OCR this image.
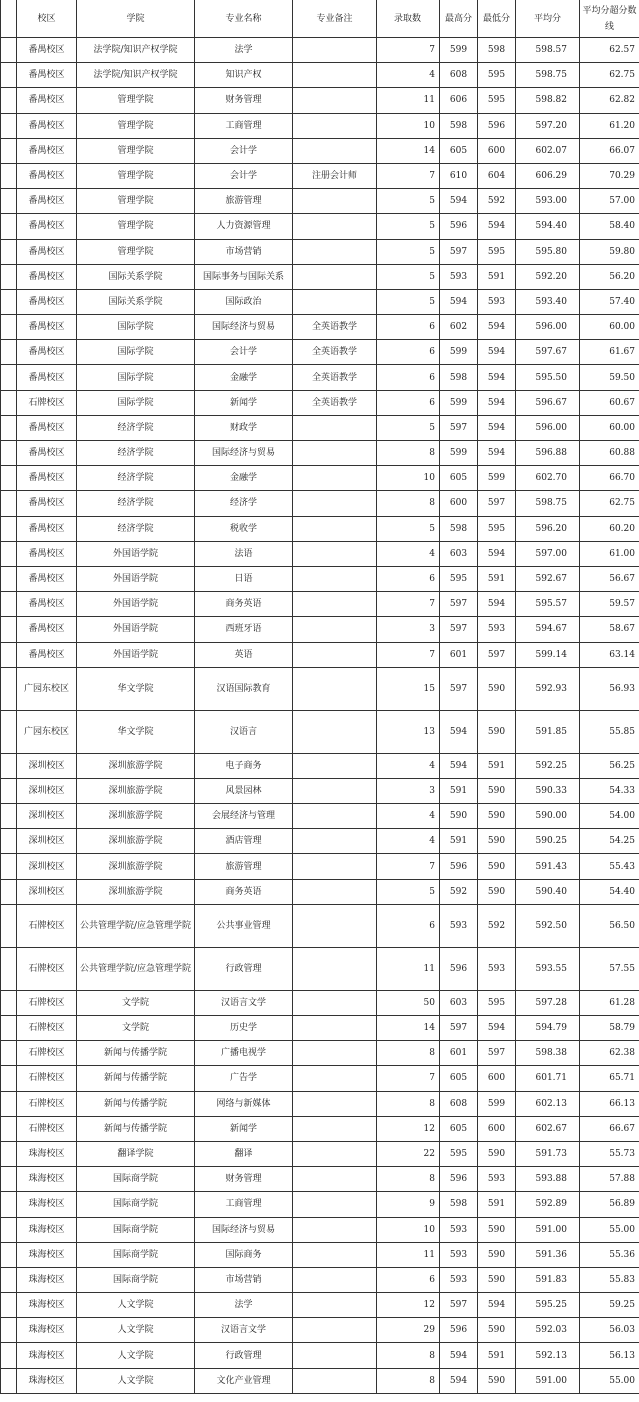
	校区	学院	专业名称	专业备注	录取数	最高分	最低分	平均分	平均分超分数线
	番禺校区	法学院/知识产权学院	法学		7	599	598	598.57	62.57
	番禺校区	法学院/知识产权学院	知识产权		4	608	595	598.75	62.75
	番禺校区	管理学院	财务管理		11	606	595	598.82	62.82
	番禺校区	管理学院	工商管理		10	598	596	597.20	61.20
	番禺校区	管理学院	会计学		14	605	600	602.07	66.07
	番禺校区	管理学院	会计学	注册会计师	7	610	604	606.29	70.29
	番禺校区	管理学院	旅游管理		5	594	592	593.00	57.00
	番禺校区	管理学院	人力资源管理		5	596	594	594.40	58.40
	番禺校区	管理学院	市场营销		5	597	595	595.80	59.80
	番禺校区	国际关系学院	国际事务与国际关系		5	593	591	592.20	56.20
	番禺校区	国际关系学院	国际政治		5	594	593	593.40	57.40
	番禺校区	国际学院	国际经济与贸易	全英语教学	6	602	594	596.00	60.00
	番禺校区	国际学院	会计学	全英语教学	6	599	594	597.67	61.67
	番禺校区	国际学院	金融学	全英语教学	6	598	594	595.50	59.50
	石牌校区	国际学院	新闻学	全英语教学	6	599	594	596.67	60.67
	番禺校区	经济学院	财政学		5	597	594	596.00	60.00
	番禺校区	经济学院	国际经济与贸易		8	599	594	596.88	60.88
	番禺校区	经济学院	金融学		10	605	599	602.70	66.70
	番禺校区	经济学院	经济学		8	600	597	598.75	62.75
	番禺校区	经济学院	税收学		5	598	595	596.20	60.20
	番禺校区	外国语学院	法语		4	603	594	597.00	61.00
	番禺校区	外国语学院	日语		6	595	591	592.67	56.67
	番禺校区	外国语学院	商务英语		7	597	594	595.57	59.57
	番禺校区	外国语学院	西班牙语		3	597	593	594.67	58.67
	番禺校区	外国语学院	英语		7	601	597	599.14	63.14
	广园东校区	华文学院	汉语国际教育		15	597	590	592.93	56.93
	广园东校区	华文学院	汉语言		13	594	590	591.85	55.85
	深圳校区	深圳旅游学院	电子商务		4	594	591	592.25	56.25
	深圳校区	深圳旅游学院	风景园林		3	591	590	590.33	54.33
	深圳校区	深圳旅游学院	会展经济与管理		4	590	590	590.00	54.00
	深圳校区	深圳旅游学院	酒店管理		4	591	590	590.25	54.25
	深圳校区	深圳旅游学院	旅游管理		7	596	590	591.43	55.43
	深圳校区	深圳旅游学院	商务英语		5	592	590	590.40	54.40
	石牌校区	公共管理学院/应急管理学院	公共事业管理		6	593	592	592.50	56.50
	石牌校区	公共管理学院/应急管理学院	行政管理		11	596	593	593.55	57.55
	石牌校区	文学院	汉语言文学		50	603	595	597.28	61.28
	石牌校区	文学院	历史学		14	597	594	594.79	58.79
	石牌校区	新闻与传播学院	广播电视学		8	601	597	598.38	62.38
	石牌校区	新闻与传播学院	广告学		7	605	600	601.71	65.71
	石牌校区	新闻与传播学院	网络与新媒体		8	608	599	602.13	66.13
	石牌校区	新闻与传播学院	新闻学		12	605	600	602.67	66.67
	珠海校区	翻译学院	翻译		22	595	590	591.73	55.73
	珠海校区	国际商学院	财务管理		8	596	593	593.88	57.88
	珠海校区	国际商学院	工商管理		9	598	591	592.89	56.89
	珠海校区	国际商学院	国际经济与贸易		10	593	590	591.00	55.00
	珠海校区	国际商学院	国际商务		11	593	590	591.36	55.36
	珠海校区	国际商学院	市场营销		6	593	590	591.83	55.83
	珠海校区	人文学院	法学		12	597	594	595.25	59.25
	珠海校区	人文学院	汉语言文学		29	596	590	592.03	56.03
	珠海校区	人文学院	行政管理		8	594	591	592.13	56.13
	珠海校区	人文学院	文化产业管理		8	594	590	591.00	55.00
